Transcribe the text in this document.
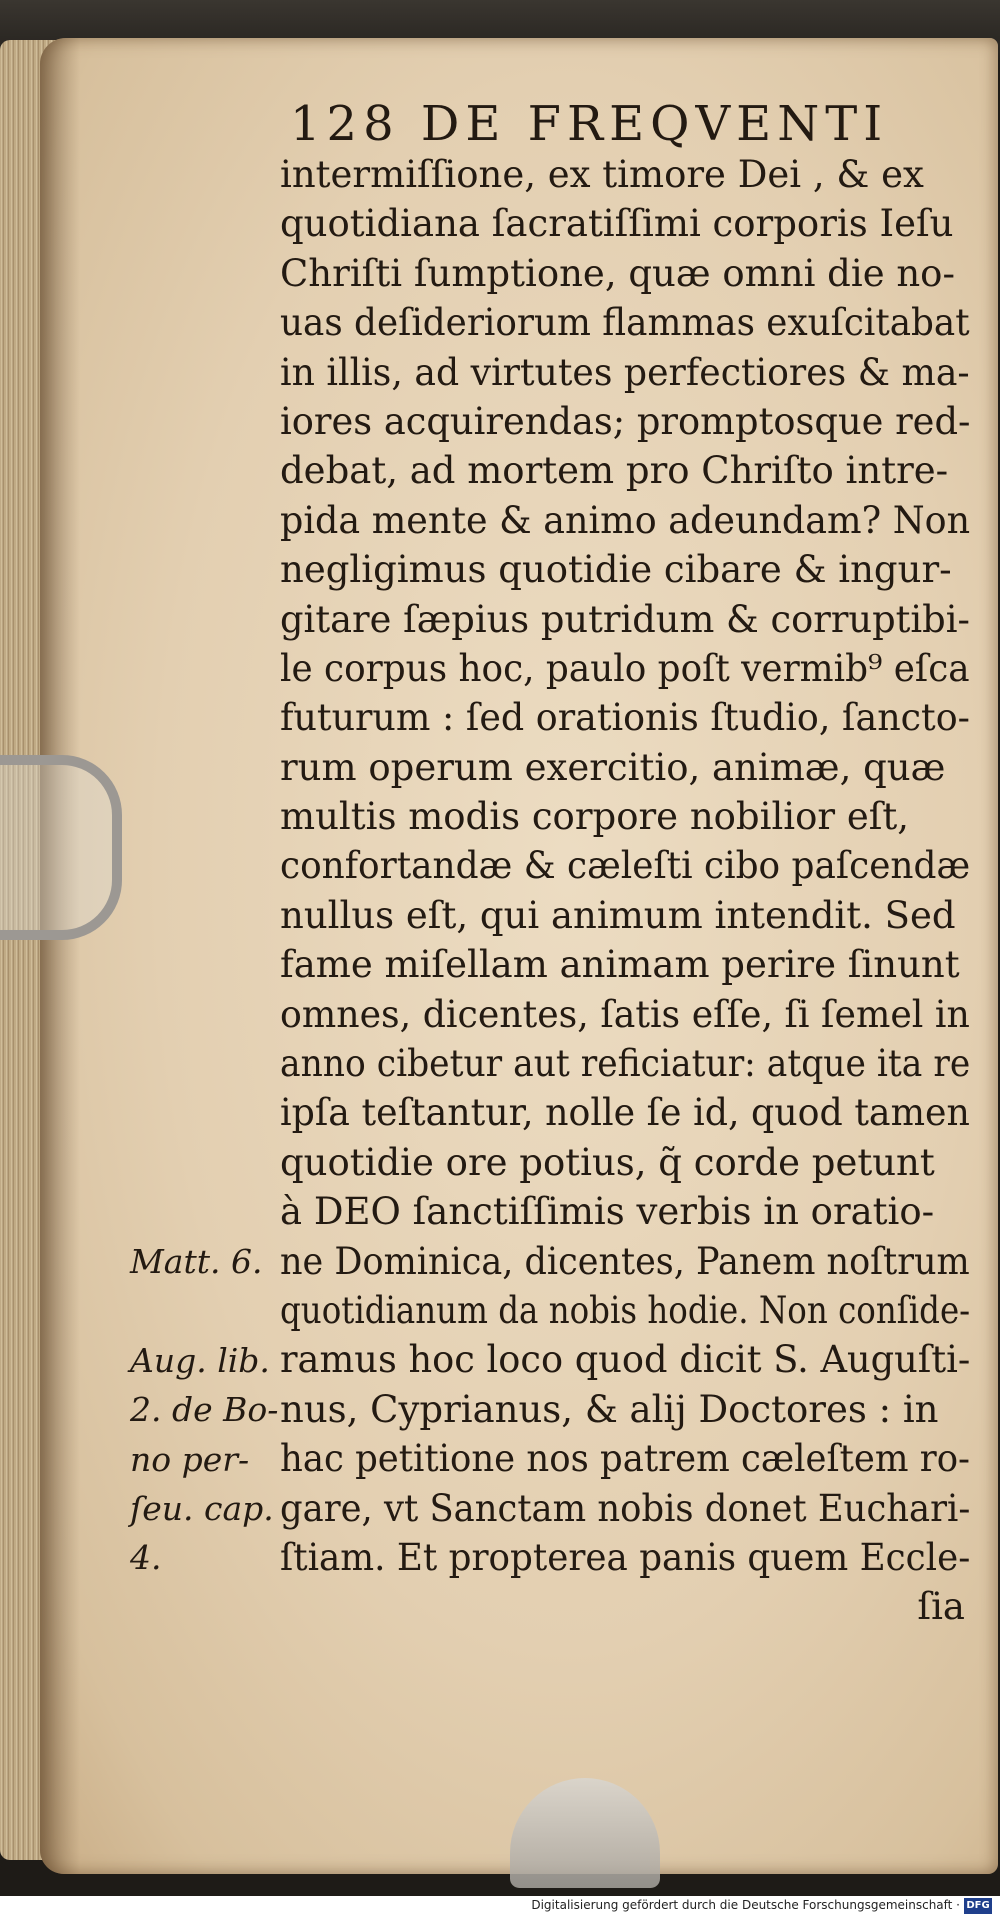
128 DE FREQVENTI
intermiſſione, ex timore Dei , & ex
quotidiana ſacratiſſimi corporis Ieſu
Chriſti ſumptione, quæ omni die no-
uas deſideriorum flammas exuſcitabat
in illis, ad virtutes perfectiores & ma-
iores acquirendas; promptosque red-
debat, ad mortem pro Chriſto intre-
pida mente & animo adeundam? Non
negligimus quotidie cibare & ingur-
gitare ſæpius putridum & corruptibi-
le corpus hoc, paulo poſt vermib⁹ eſca
futurum : ſed orationis ſtudio, ſancto-
rum operum exercitio, animæ, quæ
multis modis corpore nobilior eſt,
confortandæ & cæleſti cibo paſcendæ
nullus eſt, qui animum intendit. Sed
fame miſellam animam perire ſinunt
omnes, dicentes, ſatis eſſe, ſi ſemel in
anno cibetur aut reficiatur: atque ita re
ipſa teſtantur, nolle ſe id, quod tamen
quotidie ore potius, q̃ corde petunt
à DEO ſanctiſſimis verbis in oratio-
ne Dominica, dicentes, Panem noſtrum
quotidianum da nobis hodie. Non conſide-
ramus hoc loco quod dicit S. Auguſti-
nus, Cyprianus, & alij Doctores : in
hac petitione nos patrem cæleſtem ro-
gare, vt Sanctam nobis donet Euchari-
ſtiam. Et propterea panis quem Eccle-
ſia
Matt. 6.
Aug. lib.
2. de Bo-
no per-
ſeu. cap.
4.
Digitalisierung gefördert durch die Deutsche Forschungsgemeinschaft · DFG
